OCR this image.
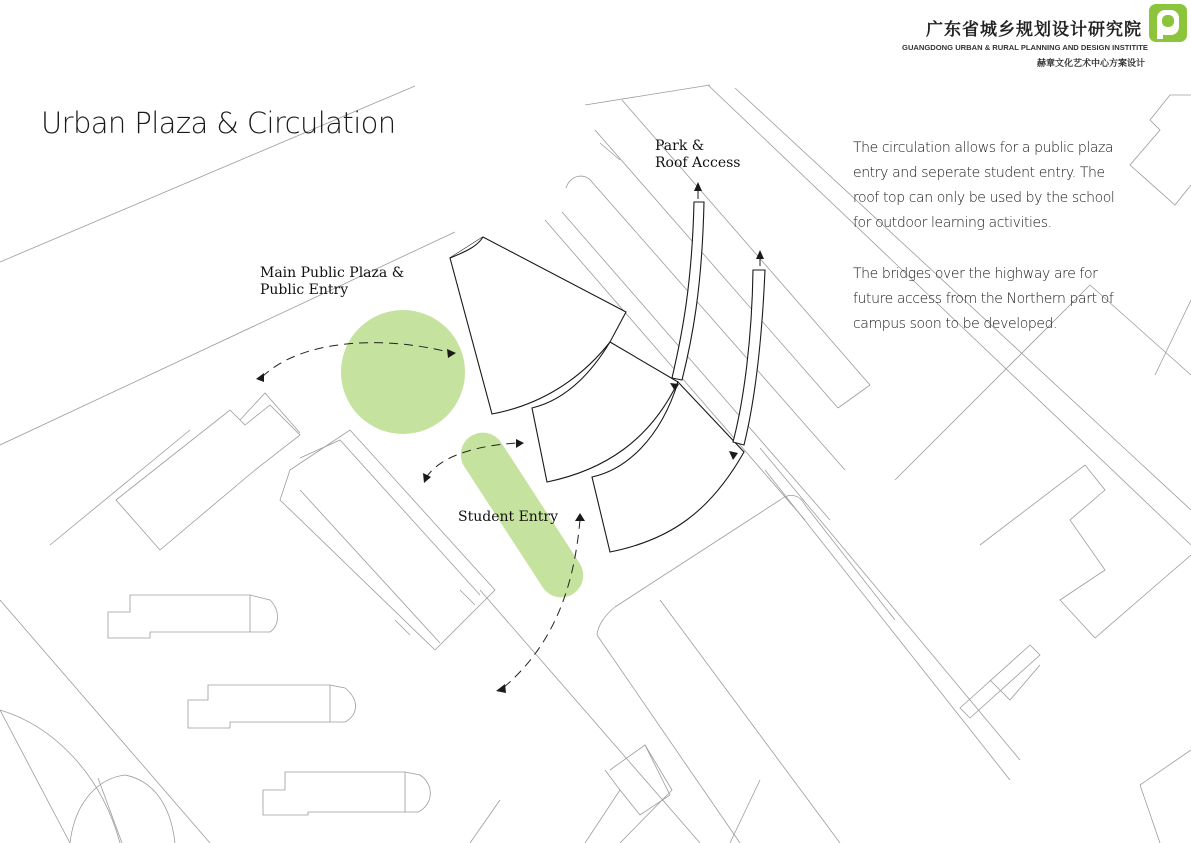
Urban Plaza & Circulation

The circulation allows for a public plaza entry and seperate student entry. The roof top can only be used by the school for outdoor learning activities.

The bridges over the highway are for future access from the Northern part of campus soon to be developed.

Park &
Roof Access
Main Public Plaza &
Public Entry
Student Entry
广东省城乡规划设计研究院
GUANGDONG URBAN & RURAL PLANNING AND DESIGN INSTITITE
赫章文化艺术中心方案设计
p
